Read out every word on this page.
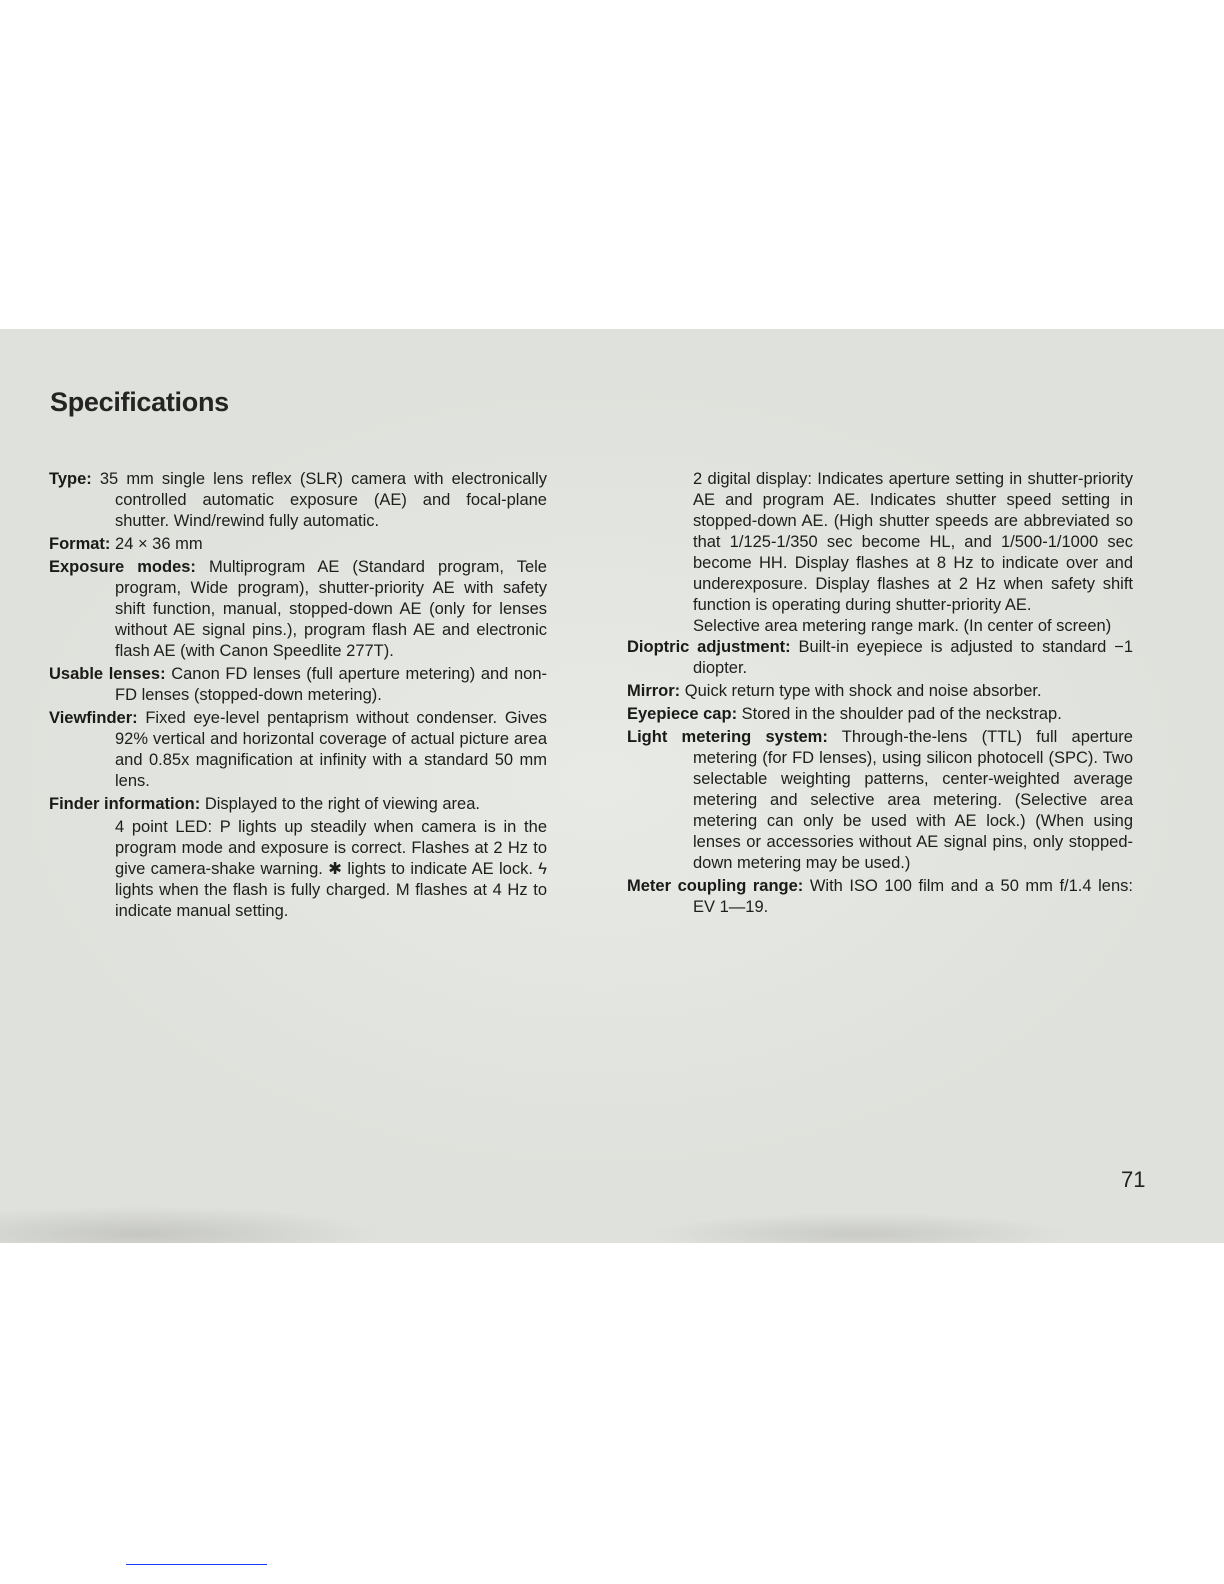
Specifications

Type: 35 mm single lens reflex (SLR) camera with electronically controlled automatic exposure (AE) and focal-plane shutter. Wind/rewind fully automatic.

Format: 24 × 36 mm

Exposure modes: Multiprogram AE (Standard program, Tele program, Wide program), shutter-priority AE with safety shift function, manual, stopped-down AE (only for lenses without AE signal pins.), program flash AE and electronic flash AE (with Canon Speedlite 277T).

Usable lenses: Canon FD lenses (full aperture metering) and non-FD lenses (stopped-down metering).

Viewfinder: Fixed eye-level pentaprism without condenser. Gives 92% vertical and horizontal coverage of actual picture area and 0.85x magnification at infinity with a standard 50 mm lens.

Finder information: Displayed to the right of viewing area.

4 point LED: P lights up steadily when camera is in the program mode and exposure is correct. Flashes at 2 Hz to give camera-shake warning. ✱ lights to indicate AE lock. ϟ lights when the flash is fully charged. M flashes at 4 Hz to indicate manual setting.

2 digital display: Indicates aperture setting in shutter-priority AE and program AE. Indicates shutter speed setting in stopped-down AE. (High shutter speeds are abbreviated so that 1/125-1/350 sec become HL, and 1/500-1/1000 sec become HH. Display flashes at 8 Hz to indicate over and underexposure. Display flashes at 2 Hz when safety shift function is operating during shutter-priority AE.

Selective area metering range mark. (In center of screen)

Dioptric adjustment: Built-in eyepiece is adjusted to standard −1 diopter.

Mirror: Quick return type with shock and noise absorber.

Eyepiece cap: Stored in the shoulder pad of the neckstrap.

Light metering system: Through-the-lens (TTL) full aperture metering (for FD lenses), using silicon photocell (SPC). Two selectable weighting patterns, center-weighted average metering and selective area metering. (Selective area metering can only be used with AE lock.) (When using lenses or accessories without AE signal pins, only stopped-down metering may be used.)

Meter coupling range: With ISO 100 film and a 50 mm f/1.4 lens: EV 1—19.

71
